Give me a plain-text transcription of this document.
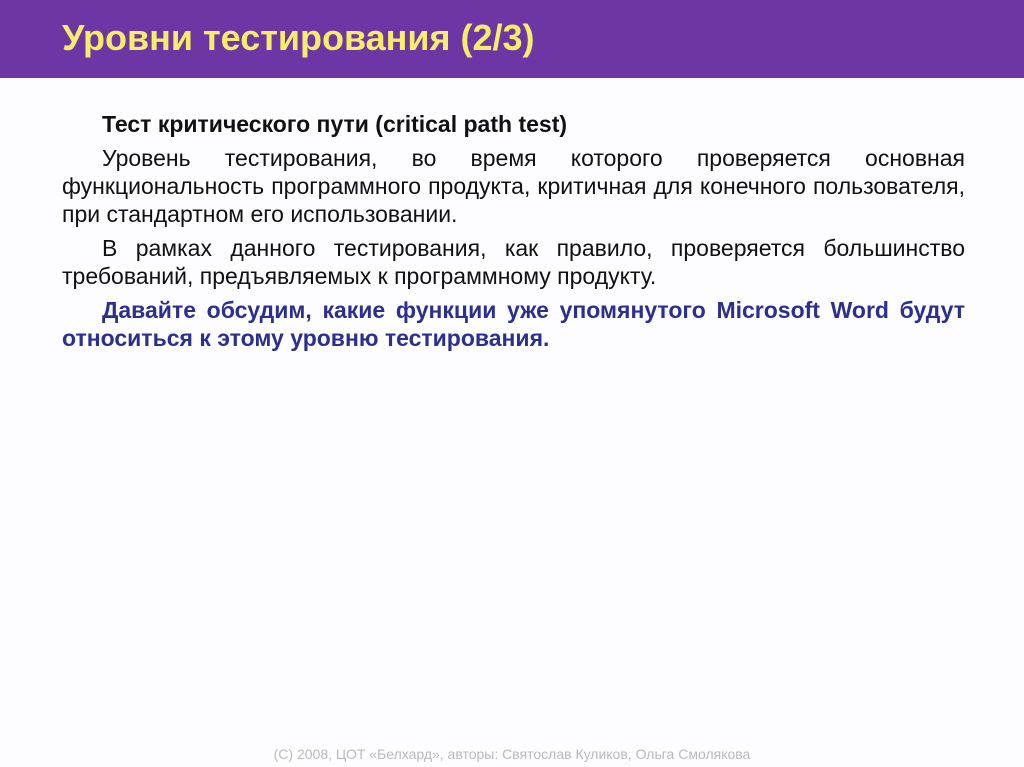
Уровни тестирования (2/3)

Тест критического пути (critical path test)

Уровень тестирования, во время которого проверяется основная функциональность программного продукта, критичная для конечного пользователя, при стандартном его использовании.

В рамках данного тестирования, как правило, проверяется большинство требований, предъявляемых к программному продукту.

Давайте обсудим, какие функции уже упомянутого Microsoft Word будут относиться к этому уровню тестирования.

(C) 2008, ЦОТ «Белхард», авторы: Святослав Куликов, Ольга Смолякова
